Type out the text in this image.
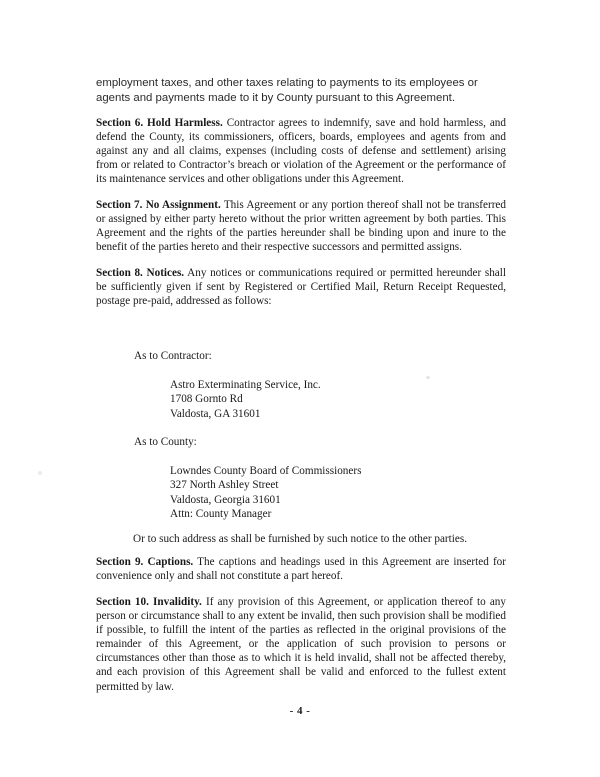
employment taxes, and other taxes relating to payments to its employees or agents and payments made to it by County pursuant to this Agreement.

Section 6. Hold Harmless. Contractor agrees to indemnify, save and hold harmless, and defend the County, its commissioners, officers, boards, employees and agents from and against any and all claims, expenses (including costs of defense and settlement) arising from or related to Contractor’s breach or violation of the Agreement or the performance of its maintenance services and other obligations under this Agreement.

Section 7. No Assignment. This Agreement or any portion thereof shall not be transferred or assigned by either party hereto without the prior written agreement by both parties. This Agreement and the rights of the parties hereunder shall be binding upon and inure to the benefit of the parties hereto and their respective successors and permitted assigns.

Section 8. Notices. Any notices or communications required or permitted hereunder shall be sufficiently given if sent by Registered or Certified Mail, Return Receipt Requested, postage pre-paid, addressed as follows:

As to Contractor:
Astro Exterminating Service, Inc.
1708 Gornto Rd
Valdosta, GA 31601
As to County:
Lowndes County Board of Commissioners
327 North Ashley Street
Valdosta, Georgia 31601
Attn: County Manager
Or to such address as shall be furnished by such notice to the other parties.

Section 9. Captions. The captions and headings used in this Agreement are inserted for convenience only and shall not constitute a part hereof.

Section 10. Invalidity. If any provision of this Agreement, or application thereof to any person or circumstance shall to any extent be invalid, then such provision shall be modified if possible, to fulfill the intent of the parties as reflected in the original provisions of the remainder of this Agreement, or the application of such provision to persons or circumstances other than those as to which it is held invalid, shall not be affected thereby, and each provision of this Agreement shall be valid and enforced to the fullest extent permitted by law.

- 4 -
